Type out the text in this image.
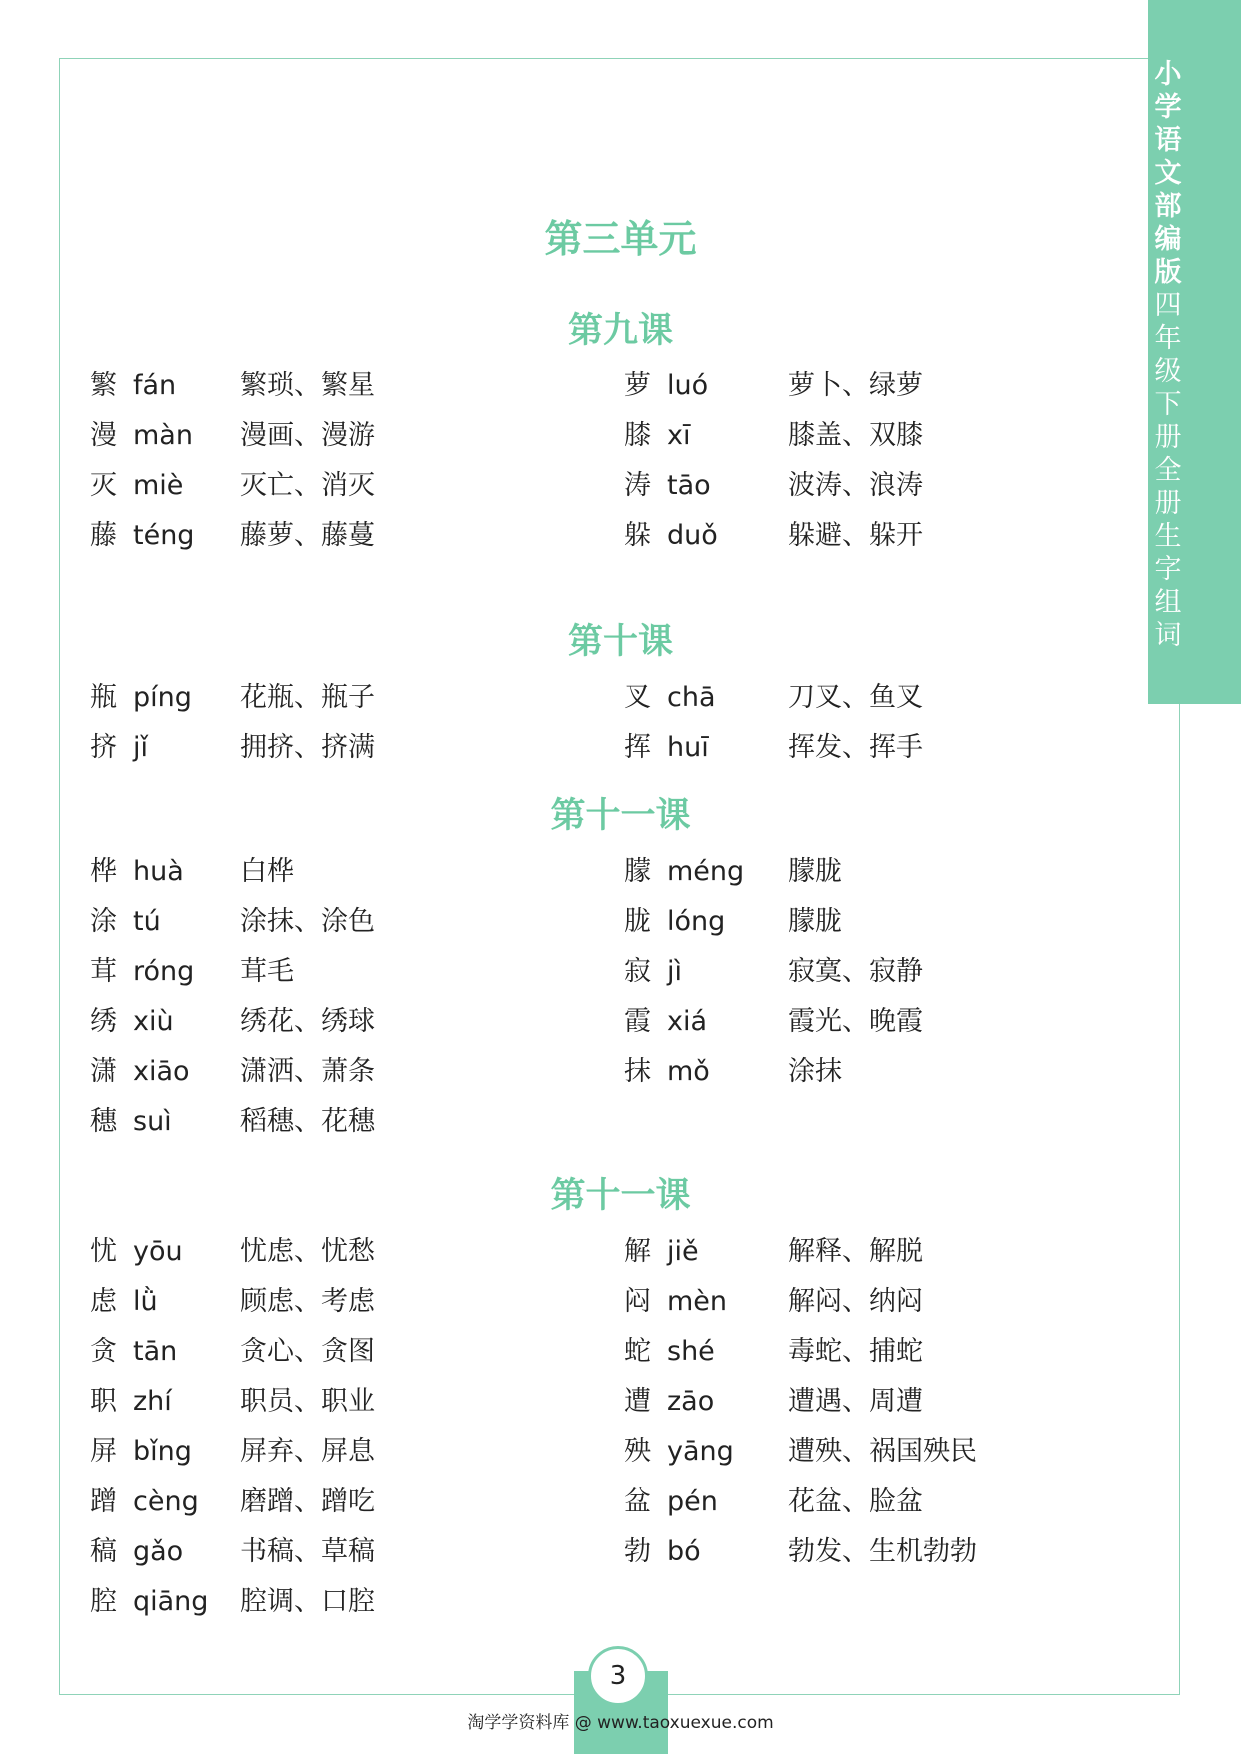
小
学
语
文
部
编
版
四
年
级
下
册
全
册
生
字
组
词
第三单元
第九课
繁 fán 繁琐、繁星
漫 màn 漫画、漫游
灭 miè 灭亡、消灭
藤 téng 藤萝、藤蔓
萝 luó	萝卜、绿萝
膝 xī	膝盖、双膝
涛 tāo	波涛、浪涛
躲 duǒ	躲避、躲开
第十课
瓶 píng 花瓶、瓶子
挤 jǐ	拥挤、挤满
叉 chā	刀叉、鱼叉
挥 huī	挥发、挥手
第十一课
桦 huà 白桦
涂 tú	涂抹、涂色
茸 róng 茸毛
绣 xiù 绣花、绣球
潇 xiāo 潇洒、萧条
穗 suì	稻穗、花穗
朦 méng 朦胧
胧 lóng 朦胧
寂 jì	寂寞、寂静
霞 xiá	霞光、晚霞
抹 mǒ	涂抹
第十一课
忧 yōu 忧虑、忧愁
虑 lǜ	顾虑、考虑
贪 tān 贪心、贪图
职 zhí	职员、职业
屏 bǐng 屏弃、屏息
蹭 cèng 磨蹭、蹭吃
稿 gǎo 书稿、草稿
腔 qiāng 腔调、口腔
解 jiě	解释、解脱
闷 mèn 解闷、纳闷
蛇 shé	毒蛇、捕蛇
遭 zāo	遭遇、周遭
殃 yāng 遭殃、祸国殃民
盆 pén	花盆、脸盆
勃 bó	勃发、生机勃勃
3
淘学学资料库 @ www.taoxuexue.com
